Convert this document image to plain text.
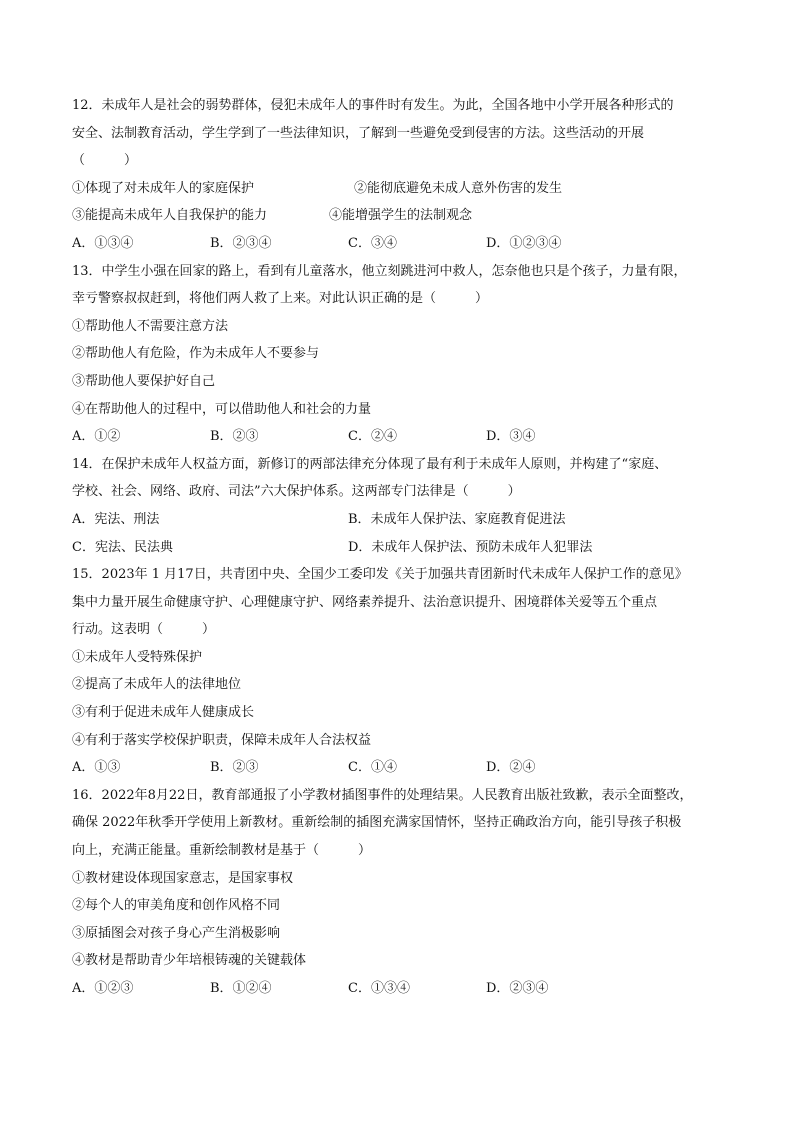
12．未成年人是社会的弱势群体，侵犯未成年人的事件时有发生。为此，全国各地中小学开展各种形式的
安全、法制教育活动，学生学到了一些法律知识，了解到一些避免受到侵害的方法。这些活动的开展
（　　　）
①体现了对未成年人的家庭保护	②能彻底避免未成人意外伤害的发生
③能提高未成年人自我保护的能力	④能增强学生的法制观念
A．①③④	B．②③④	C．③④	D．①②③④
13．中学生小强在回家的路上，看到有儿童落水，他立刻跳进河中救人，怎奈他也只是个孩子，力量有限，
幸亏警察叔叔赶到，将他们两人救了上来。对此认识正确的是（　　　）
①帮助他人不需要注意方法
②帮助他人有危险，作为未成年人不要参与
③帮助他人要保护好自己
④在帮助他人的过程中，可以借助他人和社会的力量
A．①②	B．②③	C．②④	D．③④
14．在保护未成年人权益方面，新修订的两部法律充分体现了最有利于未成年人原则，并构建了“家庭、
学校、社会、网络、政府、司法”六大保护体系。这两部专门法律是（　　　）
A．宪法、刑法	B．未成年人保护法、家庭教育促进法
C．宪法、民法典	D．未成年人保护法、预防未成年人犯罪法
15．2023年 1 月17日，共青团中央、全国少工委印发《关于加强共青团新时代未成年人保护工作的意见》
集中力量开展生命健康守护、心理健康守护、网络素养提升、法治意识提升、困境群体关爱等五个重点
行动。这表明（　　　）
①未成年人受特殊保护
②提高了未成年人的法律地位
③有利于促进未成年人健康成长
④有利于落实学校保护职责，保障未成年人合法权益
A．①③	B．②③	C．①④	D．②④
16．2022年8月22日，教育部通报了小学教材插图事件的处理结果。人民教育出版社致歉，表示全面整改，
确保 2022年秋季开学使用上新教材。重新绘制的插图充满家国情怀，坚持正确政治方向，能引导孩子积极
向上，充满正能量。重新绘制教材是基于（　　　）
①教材建设体现国家意志，是国家事权
②每个人的审美角度和创作风格不同
③原插图会对孩子身心产生消极影响
④教材是帮助青少年培根铸魂的关键载体
A．①②③	B．①②④	C．①③④	D．②③④
